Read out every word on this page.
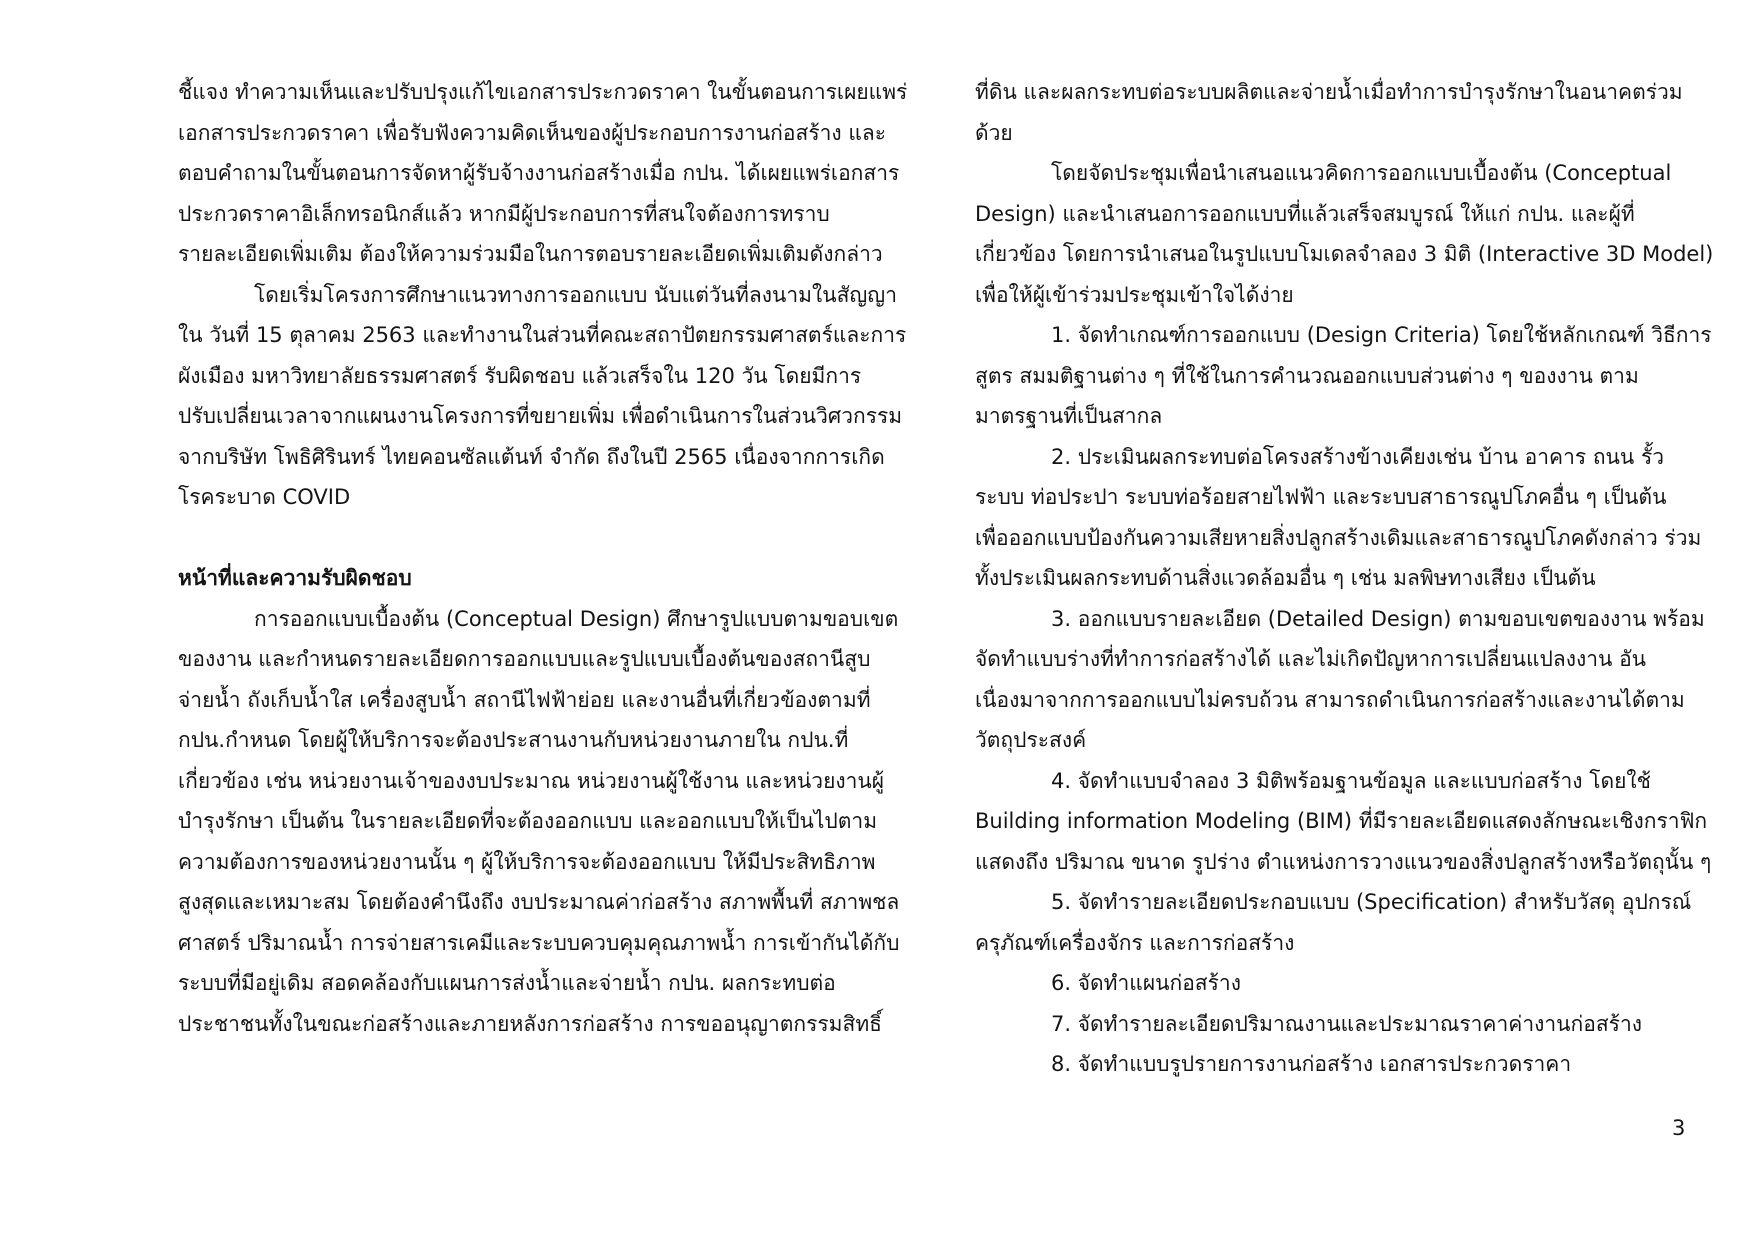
ชี้แจง ทำความเห็นและปรับปรุงแก้ไขเอกสารประกวดราคา ในขั้นตอนการเผยแพร่
เอกสารประกวดราคา เพื่อรับฟังความคิดเห็นของผู้ประกอบการงานก่อสร้าง และ
ตอบคำถามในขั้นตอนการจัดหาผู้รับจ้างงานก่อสร้างเมื่อ กปน. ได้เผยแพร่เอกสาร
ประกวดราคาอิเล็กทรอนิกส์แล้ว หากมีผู้ประกอบการที่สนใจต้องการทราบ
รายละเอียดเพิ่มเติม ต้องให้ความร่วมมือในการตอบรายละเอียดเพิ่มเติมดังกล่าว
โดยเริ่มโครงการศึกษาแนวทางการออกแบบ นับแต่วันที่ลงนามในสัญญา
ใน วันที่ 15 ตุลาคม 2563 และทำงานในส่วนที่คณะสถาปัตยกรรมศาสตร์และการ
ผังเมือง มหาวิทยาลัยธรรมศาสตร์ รับผิดชอบ แล้วเสร็จใน 120 วัน โดยมีการ
ปรับเปลี่ยนเวลาจากแผนงานโครงการที่ขยายเพิ่ม เพื่อดำเนินการในส่วนวิศวกรรม
จากบริษัท โพธิศิรินทร์ ไทยคอนซัลแต้นท์ จำกัด ถึงในปี 2565 เนื่องจากการเกิด
โรคระบาด COVID
หน้าที่และความรับผิดชอบ
การออกแบบเบื้องต้น (Conceptual Design) ศึกษารูปแบบตามขอบเขต
ของงาน และกำหนดรายละเอียดการออกแบบและรูปแบบเบื้องต้นของสถานีสูบ
จ่ายน้ำ ถังเก็บน้ำใส เครื่องสูบน้ำ สถานีไฟฟ้าย่อย และงานอื่นที่เกี่ยวข้องตามที่
กปน.กำหนด โดยผู้ให้บริการจะต้องประสานงานกับหน่วยงานภายใน กปน.ที่
เกี่ยวข้อง เช่น หน่วยงานเจ้าของงบประมาณ หน่วยงานผู้ใช้งาน และหน่วยงานผู้
บำรุงรักษา เป็นต้น ในรายละเอียดที่จะต้องออกแบบ และออกแบบให้เป็นไปตาม
ความต้องการของหน่วยงานนั้น ๆ ผู้ให้บริการจะต้องออกแบบ ให้มีประสิทธิภาพ
สูงสุดและเหมาะสม โดยต้องคำนึงถึง งบประมาณค่าก่อสร้าง สภาพพื้นที่ สภาพชล
ศาสตร์ ปริมาณน้ำ การจ่ายสารเคมีและระบบควบคุมคุณภาพน้ำ การเข้ากันได้กับ
ระบบที่มีอยู่เดิม สอดคล้องกับแผนการส่งน้ำและจ่ายน้ำ กปน. ผลกระทบต่อ
ประชาชนทั้งในขณะก่อสร้างและภายหลังการก่อสร้าง การขออนุญาตกรรมสิทธิ์
ที่ดิน และผลกระทบต่อระบบผลิตและจ่ายน้ำเมื่อทำการบำรุงรักษาในอนาคตร่วม
ด้วย
โดยจัดประชุมเพื่อนำเสนอแนวคิดการออกแบบเบื้องต้น (Conceptual
Design) และนำเสนอการออกแบบที่แล้วเสร็จสมบูรณ์ ให้แก่ กปน. และผู้ที่
เกี่ยวข้อง โดยการนำเสนอในรูปแบบโมเดลจำลอง 3 มิติ (Interactive 3D Model)
เพื่อให้ผู้เข้าร่วมประชุมเข้าใจได้ง่าย
1. จัดทำเกณฑ์การออกแบบ (Design Criteria) โดยใช้หลักเกณฑ์ วิธีการ
สูตร สมมติฐานต่าง ๆ ที่ใช้ในการคำนวณออกแบบส่วนต่าง ๆ ของงาน ตาม
มาตรฐานที่เป็นสากล
2. ประเมินผลกระทบต่อโครงสร้างข้างเคียงเช่น บ้าน อาคาร ถนน รั้ว
ระบบ ท่อประปา ระบบท่อร้อยสายไฟฟ้า และระบบสาธารณูปโภคอื่น ๆ เป็นต้น
เพื่อออกแบบป้องกันความเสียหายสิ่งปลูกสร้างเดิมและสาธารณูปโภคดังกล่าว ร่วม
ทั้งประเมินผลกระทบด้านสิ่งแวดล้อมอื่น ๆ เช่น มลพิษทางเสียง เป็นต้น
3. ออกแบบรายละเอียด (Detailed Design) ตามขอบเขตของงาน พร้อม
จัดทำแบบร่างที่ทำการก่อสร้างได้ และไม่เกิดปัญหาการเปลี่ยนแปลงงาน อัน
เนื่องมาจากการออกแบบไม่ครบถ้วน สามารถดำเนินการก่อสร้างและงานได้ตาม
วัตถุประสงค์
4. จัดทำแบบจำลอง 3 มิติพร้อมฐานข้อมูล และแบบก่อสร้าง โดยใช้
Building information Modeling (BIM) ที่มีรายละเอียดแสดงลักษณะเชิงกราฟิก
แสดงถึง ปริมาณ ขนาด รูปร่าง ตำแหน่งการวางแนวของสิ่งปลูกสร้างหรือวัตถุนั้น ๆ
5. จัดทำรายละเอียดประกอบแบบ (Specification) สำหรับวัสดุ อุปกรณ์
ครุภัณฑ์เครื่องจักร และการก่อสร้าง
6. จัดทำแผนก่อสร้าง
7. จัดทำรายละเอียดปริมาณงานและประมาณราคาค่างานก่อสร้าง
8. จัดทำแบบรูปรายการงานก่อสร้าง เอกสารประกวดราคา
3
